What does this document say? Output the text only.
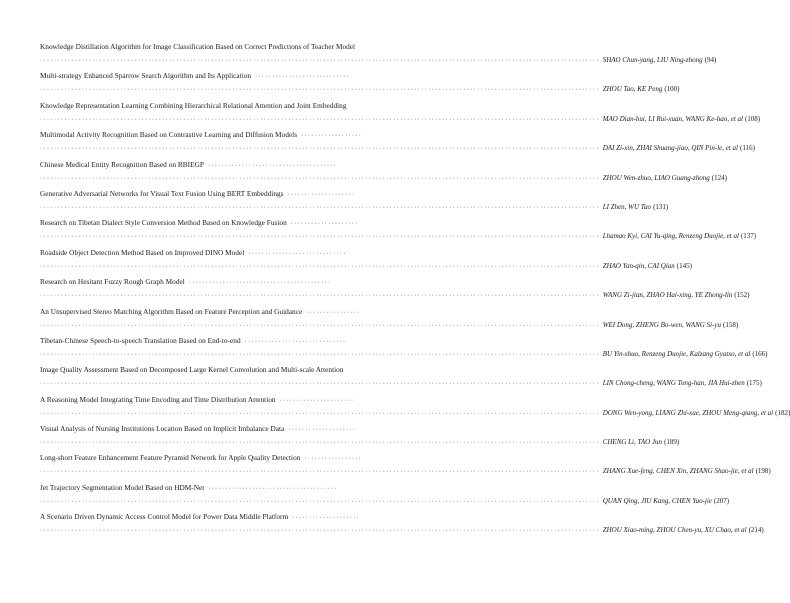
Knowledge Distillation Algorithm for Image Classification Based on Correct Predictions of Teacher Model
································································································································································ SHAO Chun-yang, LIU Ning-zhong (94)
Multi-strategy Enhanced Sparrow Search Algorithm and Its Application ····························
································································································································································ ZHOU Tao, KE Peng (100)
Knowledge Representation Learning Combining Hierarchical Relational Attention and Joint Embedding
································································································································································ MAO Dian-hui, LI Rui-xuan, WANG Ke-hao, et al (108)
Multimodal Activity Recognition Based on Contrastive Learning and Diffusion Models ··················
································································································································································ DAI Zi-xin, ZHAI Shuang-jiao, QIN Pin-le, et al (116)
Chinese Medical Entity Recognition Based on RBIEGP ······································
································································································································································ ZHOU Wen-zhuo, LIAO Guang-zhong (124)
Generative Adversarial Networks for Visual Text Fusion Using BERT Embeddings ····················
································································································································································ LI Zhen, WU Tao (131)
Research on Tibetan Dialect Style Conversion Method Based on Knowledge Fusion ····················
································································································································································ Lhamao Kyi, CAI Yu-qing, Renzeng Duojie, et al (137)
Roadside Object Detection Method Based on Improved DINO Model ·····························
································································································································································ ZHAO Yan-qin, CAI Qian (145)
Research on Hesitant Fuzzy Rough Graph Model ··········································
································································································································································ WANG Zi-jian, ZHAO Hai-xing, YE Zhong-lin (152)
An Unsupervised Stereo Matching Algorithm Based on Feature Perception and Guidance ················
································································································································································ WEI Dong, ZHENG Bo-wen, WANG Si-yu (158)
Tibetan-Chinese Speech-to-speech Translation Based on End-to-end ······························
································································································································································ BU Yin-shuo, Renzeng Duojie, Kalzang Gyatso, et al (166)
Image Quality Assessment Based on Decomposed Large Kernel Convolution and Multi-scale Attention
································································································································································ LIN Chong-cheng, WANG Tong-han, JIA Hui-zhen (175)
A Reasoning Model Integrating Time Encoding and Time Distribution Attention ······················
································································································································································ DONG Wen-yong, LIANG Zhi-xue, ZHOU Meng-qiang, et al (182)
Visual Analysis of Nursing Institutions Location Based on Implicit Imbalance Data ····················
································································································································································ CHENG Li, TAO Jun (189)
Long-short Feature Enhancement Feature Pyramid Network for Apple Quality Detection ·················
································································································································································ ZHANG Xue-feng, CHEN Xin, ZHANG Shao-jie, et al (198)
Jet Trajectory Segmentation Model Based on HDM-Net ······································
································································································································································ QUAN Qing, JIU Kang, CHEN Yao-jie (207)
A Scenario Driven Dynamic Access Control Model for Power Data Middle Platform ····················
································································································································································ ZHOU Xiao-ming, ZHOU Chen-yu, XU Chao, et al (214)
